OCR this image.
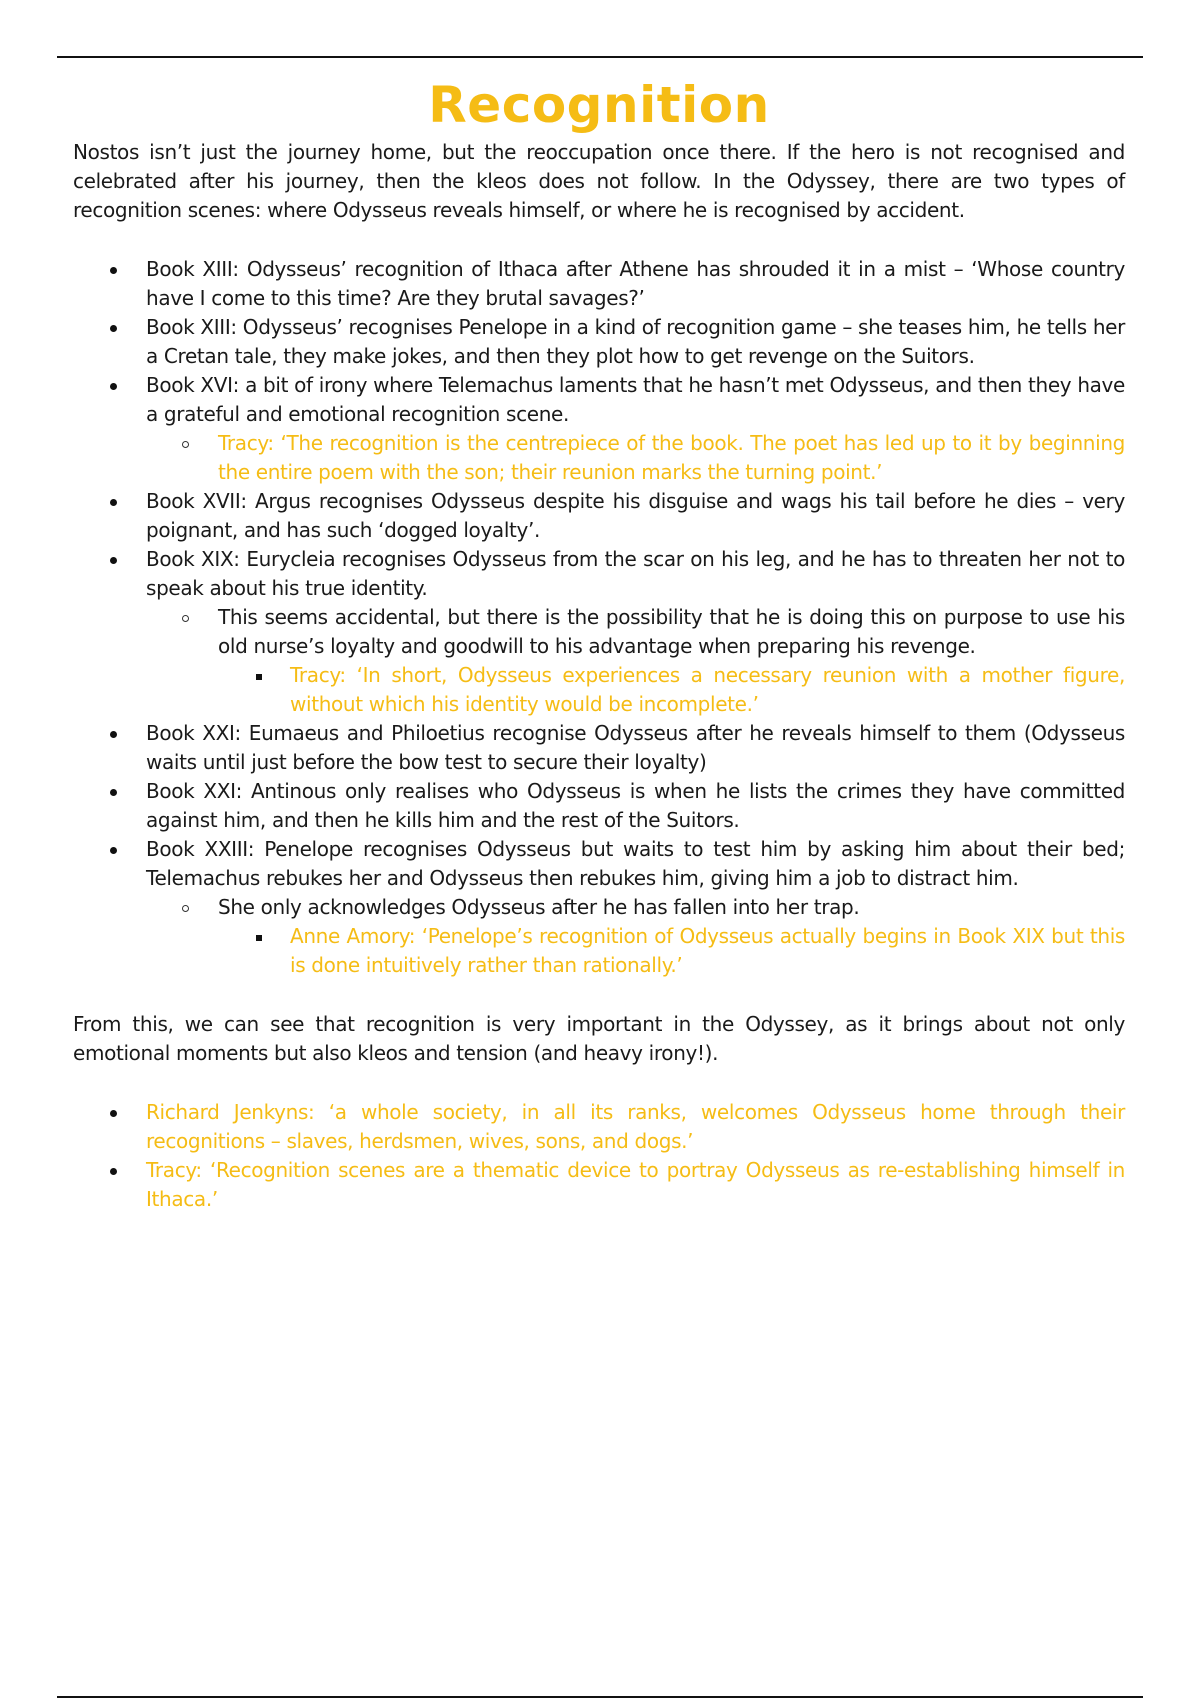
Recognition

Nostos isn’t just the journey home, but the reoccupation once there. If the hero is not recognised and celebrated after his journey, then the kleos does not follow. In the Odyssey, there are two types of recognition scenes: where Odysseus reveals himself, or where he is recognised by accident.

Book XIII: Odysseus’ recognition of Ithaca after Athene has shrouded it in a mist – ‘Whose country have I come to this time? Are they brutal savages?’
Book XIII: Odysseus’ recognises Penelope in a kind of recognition game – she teases him, he tells her a Cretan tale, they make jokes, and then they plot how to get revenge on the Suitors.
Book XVI: a bit of irony where Telemachus laments that he hasn’t met Odysseus, and then they have a grateful and emotional recognition scene.
Tracy: ‘The recognition is the centrepiece of the book. The poet has led up to it by beginning the entire poem with the son; their reunion marks the turning point.’
Book XVII: Argus recognises Odysseus despite his disguise and wags his tail before he dies – very poignant, and has such ‘dogged loyalty’.
Book XIX: Eurycleia recognises Odysseus from the scar on his leg, and he has to threaten her not to speak about his true identity.
This seems accidental, but there is the possibility that he is doing this on purpose to use his old nurse’s loyalty and goodwill to his advantage when preparing his revenge.
Tracy: ‘In short, Odysseus experiences a necessary reunion with a mother figure, without which his identity would be incomplete.’
Book XXI: Eumaeus and Philoetius recognise Odysseus after he reveals himself to them (Odysseus waits until just before the bow test to secure their loyalty)
Book XXI: Antinous only realises who Odysseus is when he lists the crimes they have committed against him, and then he kills him and the rest of the Suitors.
Book XXIII: Penelope recognises Odysseus but waits to test him by asking him about their bed; Telemachus rebukes her and Odysseus then rebukes him, giving him a job to distract him.
She only acknowledges Odysseus after he has fallen into her trap.
Anne Amory: ‘Penelope’s recognition of Odysseus actually begins in Book XIX but this is done intuitively rather than rationally.’

From this, we can see that recognition is very important in the Odyssey, as it brings about not only emotional moments but also kleos and tension (and heavy irony!).

Richard Jenkyns: ‘a whole society, in all its ranks, welcomes Odysseus home through their recognitions – slaves, herdsmen, wives, sons, and dogs.’
Tracy: ‘Recognition scenes are a thematic device to portray Odysseus as re-establishing himself in Ithaca.’
